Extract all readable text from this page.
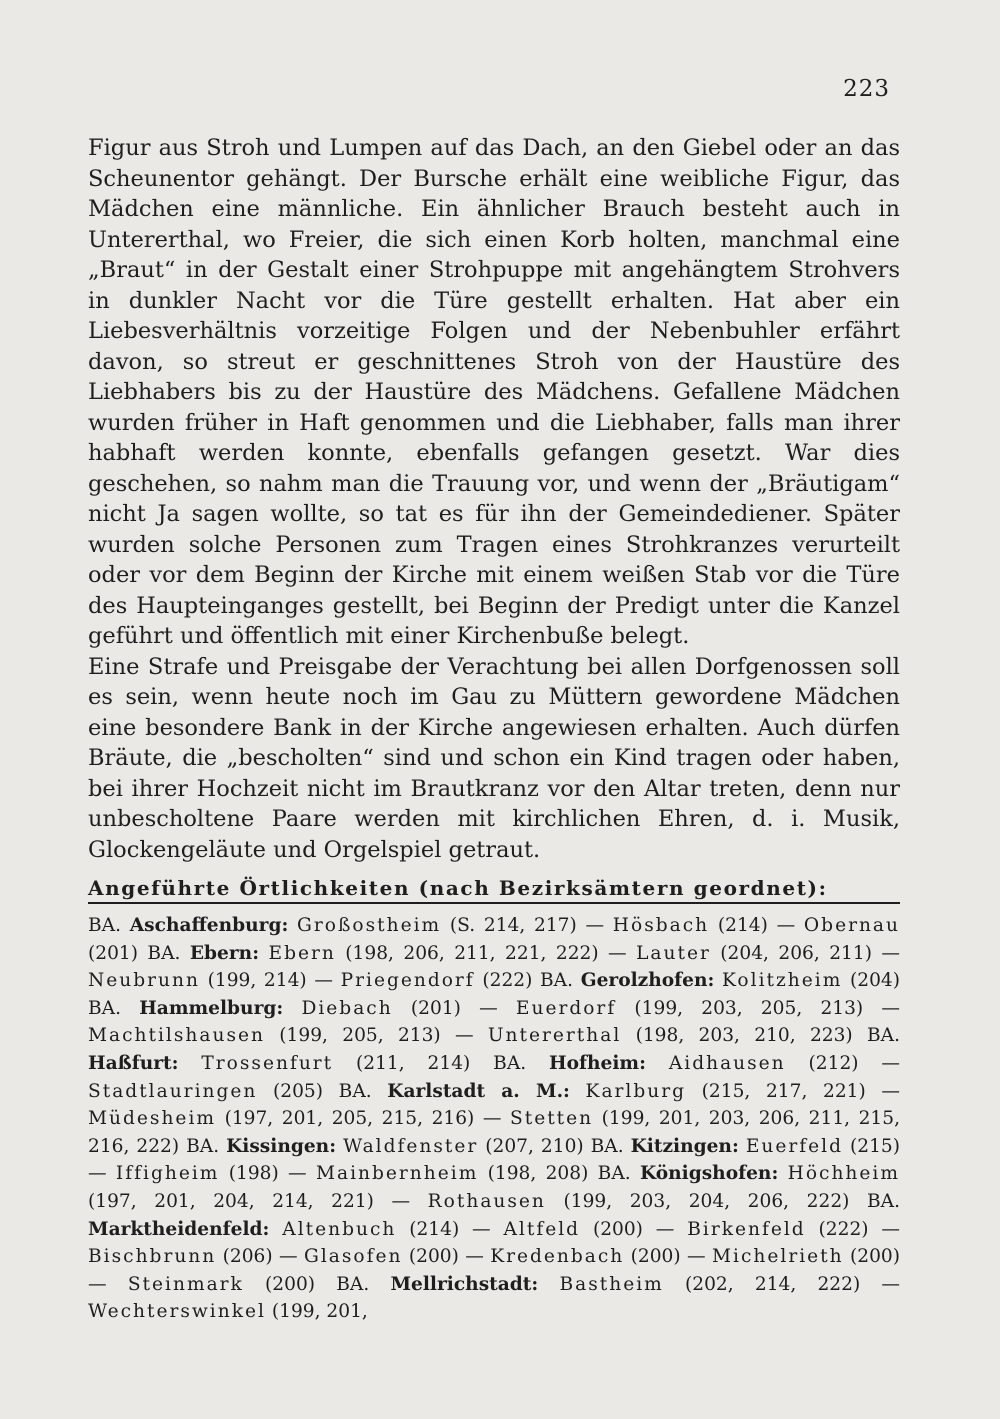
223

Figur aus Stroh und Lumpen auf das Dach, an den Giebel oder an das Scheunentor gehängt. Der Bursche erhält eine weibliche Figur, das Mädchen eine männliche. Ein ähnlicher Brauch besteht auch in Untererthal, wo Freier, die sich einen Korb holten, manchmal eine „Braut“ in der Gestalt einer Strohpuppe mit angehängtem Strohvers in dunkler Nacht vor die Türe gestellt erhalten. Hat aber ein Liebesverhältnis vorzeitige Folgen und der Nebenbuhler erfährt davon, so streut er geschnittenes Stroh von der Haustüre des Liebhabers bis zu der Haustüre des Mädchens. Gefallene Mädchen wurden früher in Haft genommen und die Liebhaber, falls man ihrer habhaft werden konnte, ebenfalls gefangen gesetzt. War dies geschehen, so nahm man die Trauung vor, und wenn der „Bräutigam“ nicht Ja sagen wollte, so tat es für ihn der Gemeindediener. Später wurden solche Personen zum Tragen eines Strohkranzes verurteilt oder vor dem Beginn der Kirche mit einem weißen Stab vor die Türe des Haupteinganges gestellt, bei Beginn der Predigt unter die Kanzel geführt und öffentlich mit einer Kirchenbuße belegt.

Eine Strafe und Preisgabe der Verachtung bei allen Dorfgenossen soll es sein, wenn heute noch im Gau zu Müttern gewordene Mädchen eine besondere Bank in der Kirche angewiesen erhalten. Auch dürfen Bräute, die „bescholten“ sind und schon ein Kind tragen oder haben, bei ihrer Hochzeit nicht im Brautkranz vor den Altar treten, denn nur unbescholtene Paare werden mit kirchlichen Ehren, d. i. Musik, Glockengeläute und Orgelspiel getraut.

Angeführte Örtlichkeiten (nach Bezirksämtern geordnet):
BA. Aschaffenburg: Großostheim (S. 214, 217) — Hösbach (214) — Obernau (201) BA. Ebern: Ebern (198, 206, 211, 221, 222) — Lauter (204, 206, 211) — Neubrunn (199, 214) — Priegendorf (222) BA. Gerolzhofen: Kolitzheim (204) BA. Hammelburg: Diebach (201) — Euerdorf (199, 203, 205, 213) — Machtilshausen (199, 205, 213) — Untererthal (198, 203, 210, 223) BA. Haßfurt: Trossenfurt (211, 214) BA. Hofheim: Aidhausen (212) — Stadtlauringen (205) BA. Karlstadt a. M.: Karlburg (215, 217, 221) — Müdesheim (197, 201, 205, 215, 216) — Stetten (199, 201, 203, 206, 211, 215, 216, 222) BA. Kissingen: Waldfenster (207, 210) BA. Kitzingen: Euerfeld (215) — Iffigheim (198) — Mainbernheim (198, 208) BA. Königshofen: Höchheim (197, 201, 204, 214, 221) — Rothausen (199, 203, 204, 206, 222) BA. Marktheidenfeld: Altenbuch (214) — Altfeld (200) — Birkenfeld (222) — Bischbrunn (206) — Glasofen (200) — Kredenbach (200) — Michelrieth (200) — Steinmark (200) BA. Mellrichstadt: Bastheim (202, 214, 222) — Wechterswinkel (199, 201,
